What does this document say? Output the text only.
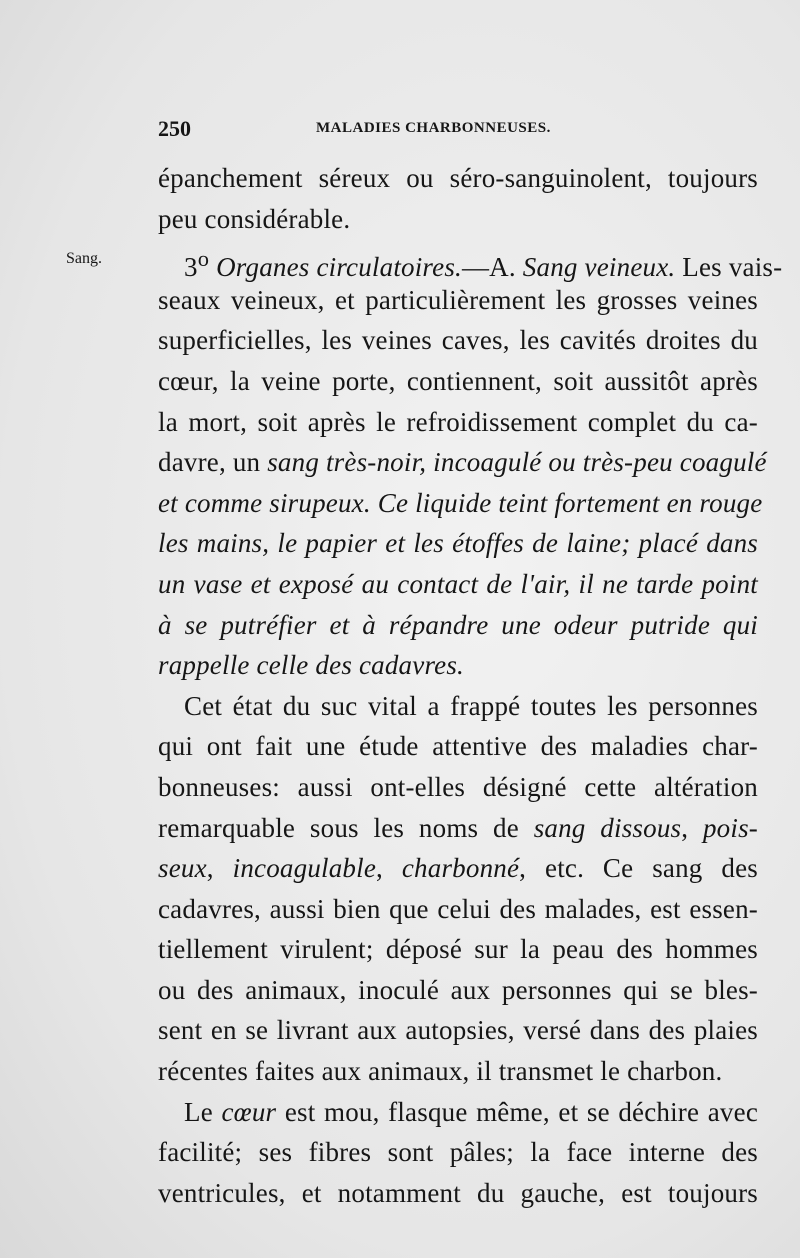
250	MALADIES CHARBONNEUSES.
Sang.
épanchement séreux ou séro-sanguinolent, toujours
peu considérable.
3$^o$ Organes circulatoires.—A. Sang veineux. Les vais-
seaux veineux, et particulièrement les grosses veines
superficielles, les veines caves, les cavités droites du
cœur, la veine porte, contiennent, soit aussitôt après
la mort, soit après le refroidissement complet du ca-
davre, un sang très-noir, incoagulé ou très-peu coagulé
et comme sirupeux. Ce liquide teint fortement en rouge
les mains, le papier et les étoffes de laine; placé dans
un vase et exposé au contact de l'air, il ne tarde point
à se putréfier et à répandre une odeur putride qui
rappelle celle des cadavres.
Cet état du suc vital a frappé toutes les personnes
qui ont fait une étude attentive des maladies char-
bonneuses: aussi ont-elles désigné cette altération
remarquable sous les noms de sang dissous, pois-
seux, incoagulable, charbonné, etc. Ce sang des
cadavres, aussi bien que celui des malades, est essen-
tiellement virulent; déposé sur la peau des hommes
ou des animaux, inoculé aux personnes qui se bles-
sent en se livrant aux autopsies, versé dans des plaies
récentes faites aux animaux, il transmet le charbon.
Le cœur est mou, flasque même, et se déchire avec
facilité; ses fibres sont pâles; la face interne des
ventricules, et notamment du gauche, est toujours
